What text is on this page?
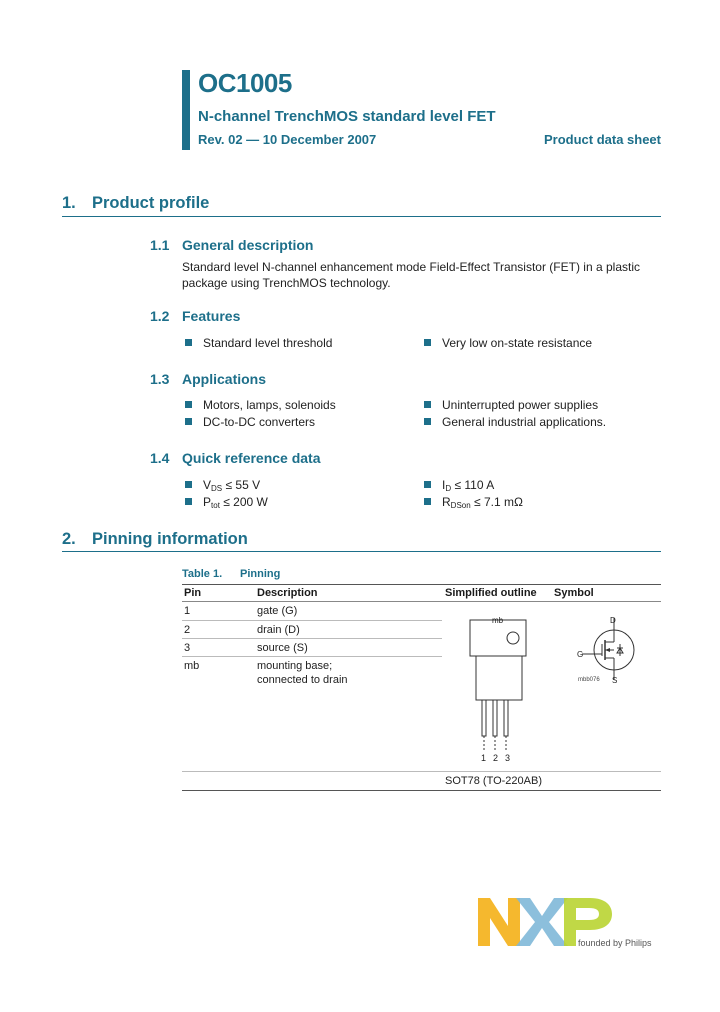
OC1005
N-channel TrenchMOS standard level FET
Rev. 02 — 10 December 2007	Product data sheet
1. Product profile
1.1 General description
Standard level N-channel enhancement mode Field-Effect Transistor (FET) in a plastic
package using TrenchMOS technology.
1.2 Features
Standard level threshold	Very low on-state resistance
1.3 Applications
Motors, lamps, solenoids	Uninterrupted power supplies
DC-to-DC converters	General industrial applications.
1.4 Quick reference data
$V_{DS} \le 55$ V	$I_D \le 110$ A
$P_{tot} \le 200$ W	$R_{DSon} \le 7.1$ mΩ
2. Pinning information
Table 1. Pinning
Pin	Description	Simplified outline Symbol
1	gate (G)
2	drain (D)
3	source (S)
mb	mounting base;
connected to drain
mb
1 2 3
D
G
S
mbb076
SOT78 (TO-220AB)
founded by Philips
